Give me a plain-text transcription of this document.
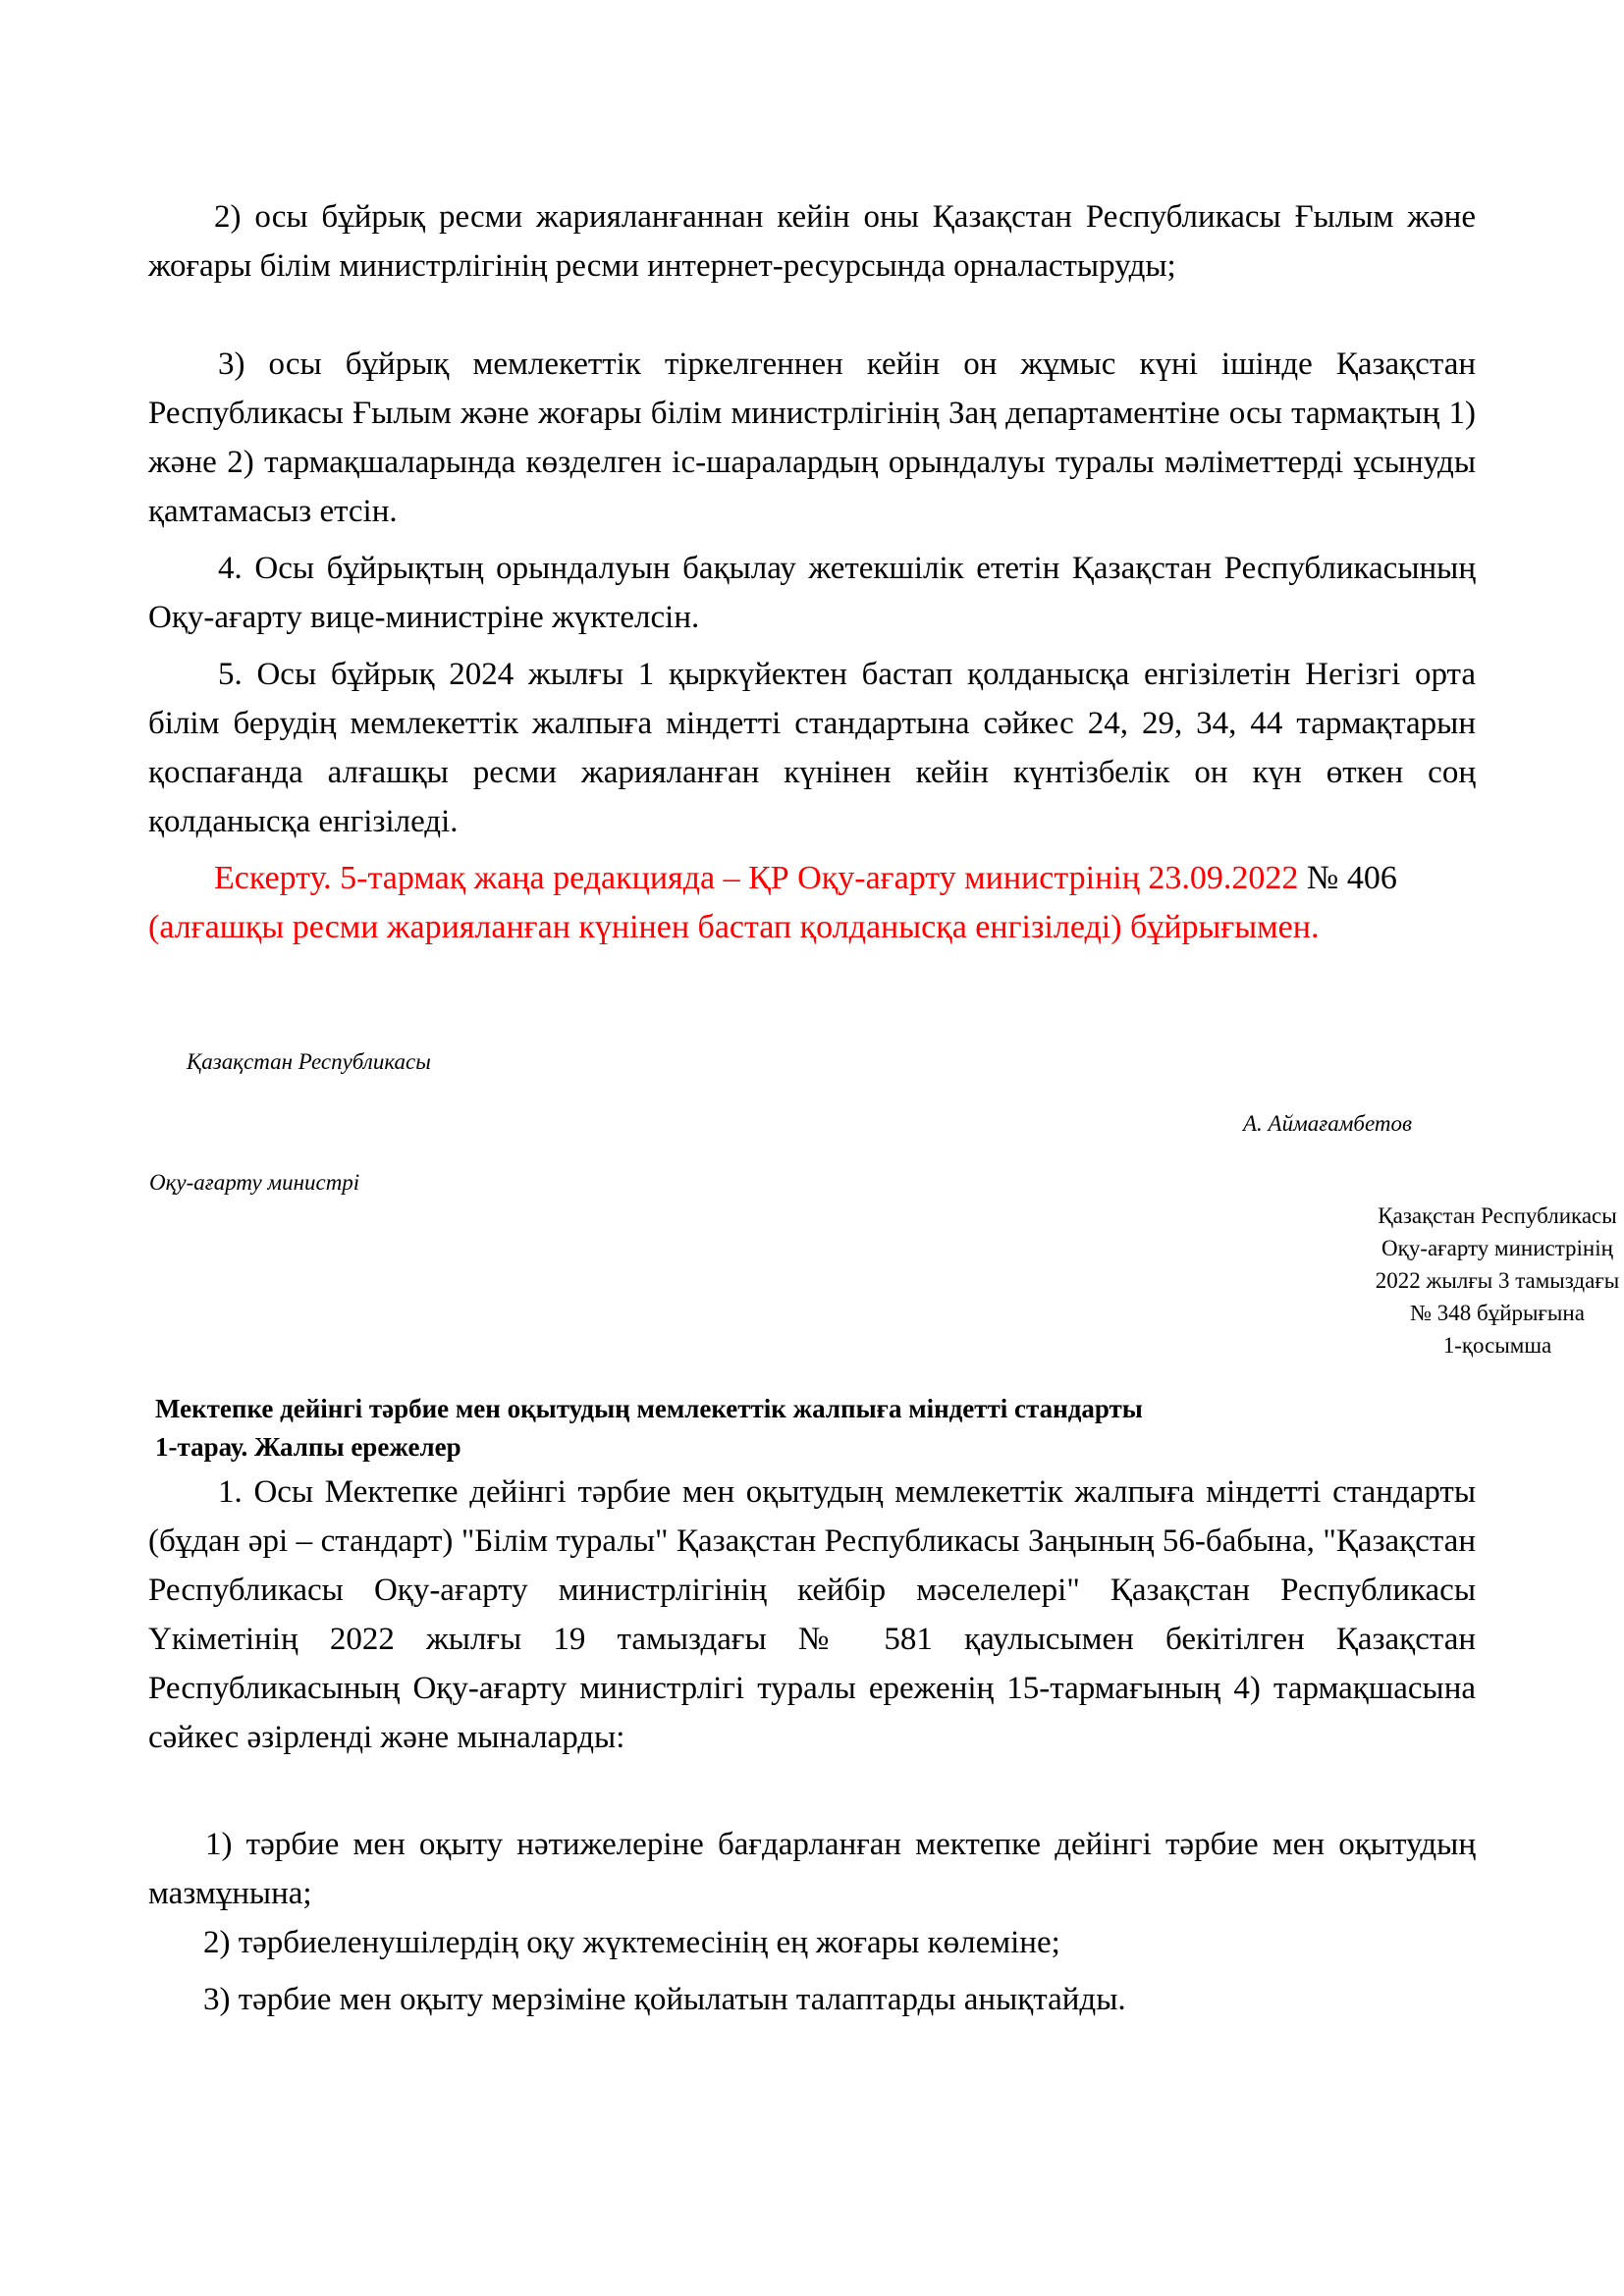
2) осы бұйрық ресми жарияланғаннан кейін оны Қазақстан Республикасы Ғылым және жоғары білім министрлігінің ресми интернет-ресурсында орналастыруды;

3) осы бұйрық мемлекеттік тіркелгеннен кейін он жұмыс күні ішінде Қазақстан Республикасы Ғылым және жоғары білім министрлігінің Заң департаментіне осы тармақтың 1) және 2) тармақшаларында көзделген іс-шаралардың орындалуы туралы мәліметтерді ұсынуды қамтамасыз етсін.

4. Осы бұйрықтың орындалуын бақылау жетекшілік ететін Қазақстан Республикасының Оқу-ағарту вице-министріне жүктелсін.

5. Осы бұйрық 2024 жылғы 1 қыркүйектен бастап қолданысқа енгізілетін Негізгі орта білім берудің мемлекеттік жалпыға міндетті стандартына сәйкес 24, 29, 34, 44 тармақтарын қоспағанда алғашқы ресми жарияланған күнінен кейін күнтізбелік он күн өткен соң қолданысқа енгізіледі.

Ескерту. 5-тармақ жаңа редакцияда – ҚР Оқу-ағарту министрінің 23.09.2022 № 406 (алғашқы ресми жарияланған күнінен бастап қолданысқа енгізіледі) бұйрығымен.

Қазақстан Республикасы
А. Аймағамбетов
Оқу-ағарту министрі
Қазақстан Республикасы
Оқу-ағарту министрінің
2022 жылғы 3 тамыздағы
№ 348 бұйрығына
1-қосымша
Мектепке дейінгі тәрбие мен оқытудың мемлекеттік жалпыға міндетті стандарты
1-тарау. Жалпы ережелер

1. Осы Мектепке дейінгі тәрбие мен оқытудың мемлекеттік жалпыға міндетті стандарты (бұдан әрі – стандарт) "Білім туралы" Қазақстан Республикасы Заңының 56-бабына, "Қазақстан Республикасы Оқу-ағарту министрлігінің кейбір мәселелері" Қазақстан Республикасы Үкіметінің 2022 жылғы 19 тамыздағы № 581 қаулысымен бекітілген Қазақстан Республикасының Оқу-ағарту министрлігі туралы ереженің 15-тармағының 4) тармақшасына сәйкес әзірленді және мыналарды:

1) тәрбие мен оқыту нәтижелеріне бағдарланған мектепке дейінгі тәрбие мен оқытудың мазмұнына;

2) тәрбиеленушілердің оқу жүктемесінің ең жоғары көлеміне;
3) тәрбие мен оқыту мерзіміне қойылатын талаптарды анықтайды.
